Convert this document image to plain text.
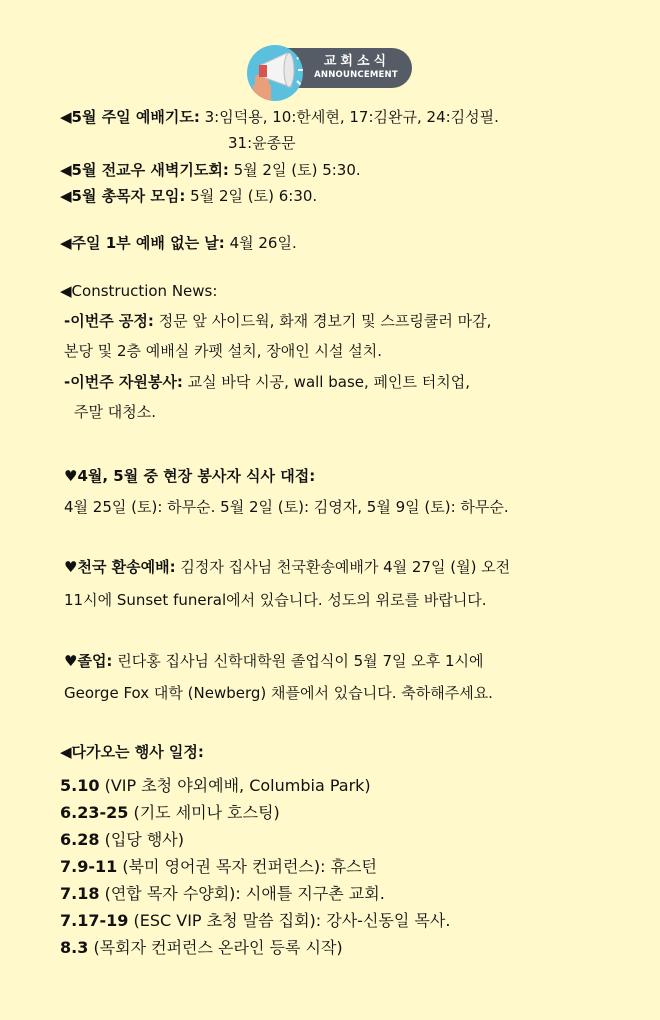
교회소식
ANNOUNCEMENT
◀5월 주일 예배기도: 3:임덕용, 10:한세현, 17:김완규, 24:김성필.
31:윤종문
◀5월 전교우 새벽기도회: 5월 2일 (토) 5:30.
◀5월 총목자 모임: 5월 2일 (토) 6:30.
◀주일 1부 예배 없는 날: 4월 26일.
◀Construction News:
-이번주 공정: 정문 앞 사이드웍, 화재 경보기 및 스프링쿨러 마감,
본당 및 2층 예배실 카펫 설치, 장애인 시설 설치.
-이번주 자원봉사: 교실 바닥 시공, wall base, 페인트 터치업,
주말 대청소.
♥4월, 5월 중 현장 봉사자 식사 대접:
4월 25일 (토): 하무순. 5월 2일 (토): 김영자, 5월 9일 (토): 하무순.
♥천국 환송예배: 김정자 집사님 천국환송예배가 4월 27일 (월) 오전
11시에 Sunset funeral에서 있습니다. 성도의 위로를 바랍니다.
♥졸업: 린다홍 집사님 신학대학원 졸업식이 5월 7일 오후 1시에
George Fox 대학 (Newberg) 채플에서 있습니다. 축하해주세요.
◀다가오는 행사 일정:
5.10 (VIP 초청 야외예배, Columbia Park)
6.23-25 (기도 세미나 호스팅)
6.28 (입당 행사)
7.9-11 (북미 영어권 목자 컨퍼런스): 휴스턴
7.18 (연합 목자 수양회): 시애틀 지구촌 교회.
7.17-19 (ESC VIP 초청 말씀 집회): 강사-신동일 목사.
8.3 (목회자 컨퍼런스 온라인 등록 시작)
